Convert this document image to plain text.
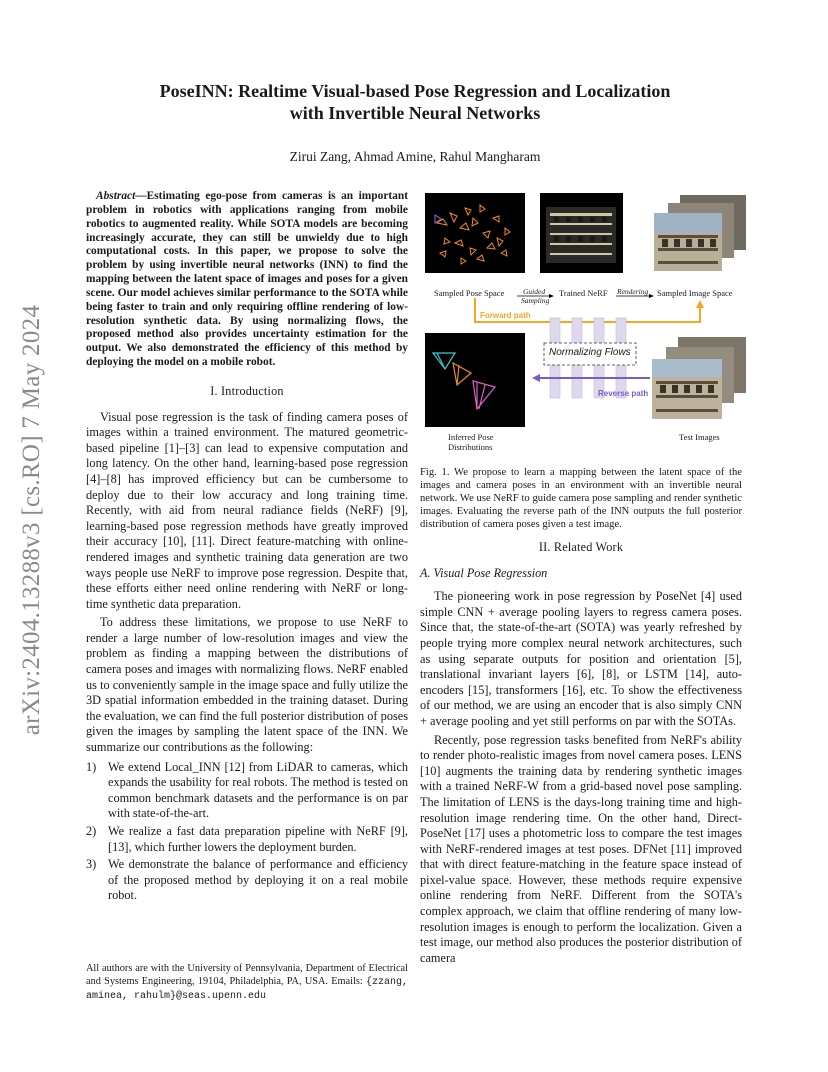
arXiv:2404.13288v3 [cs.RO] 7 May 2024
PoseINN: Realtime Visual-based Pose Regression and Localization
with Invertible Neural Networks
Zirui Zang, Ahmad Amine, Rahul Mangharam

Abstract—Estimating ego-pose from cameras is an important problem in robotics with applications ranging from mobile robotics to augmented reality. While SOTA models are becoming increasingly accurate, they can still be unwieldy due to high computational costs. In this paper, we propose to solve the problem by using invertible neural networks (INN) to find the mapping between the latent space of images and poses for a given scene. Our model achieves similar performance to the SOTA while being faster to train and only requiring offline rendering of low-resolution synthetic data. By using normalizing flows, the proposed method also provides uncertainty estimation for the output. We also demonstrated the efficiency of this method by deploying the model on a mobile robot.

I. Introduction

Visual pose regression is the task of finding camera poses of images within a trained environment. The matured geometric-based pipeline [1]–[3] can lead to expensive computation and long latency. On the other hand, learning-based pose regression [4]–[8] has improved efficiency but can be cumbersome to deploy due to their low accuracy and long training time. Recently, with aid from neural radiance fields (NeRF) [9], learning-based pose regression methods have greatly improved their accuracy [10], [11]. Direct feature-matching with online-rendered images and synthetic training data generation are two ways people use NeRF to improve pose regression. Despite that, these efforts either need online rendering with NeRF or long-time synthetic data preparation.

To address these limitations, we propose to use NeRF to render a large number of low-resolution images and view the problem as finding a mapping between the distributions of camera poses and images with normalizing flows. NeRF enabled us to conveniently sample in the image space and fully utilize the 3D spatial information embedded in the training dataset. During the evaluation, we can find the full posterior distribution of poses given the images by sampling the latent space of the INN. We summarize our contributions as the following:

1) We extend Local_INN [12] from LiDAR to cameras, which expands the usability for real robots. The method is tested on common benchmark datasets and the performance is on par with state-of-the-art.
2) We realize a fast data preparation pipeline with NeRF [9], [13], which further lowers the deployment burden.
3) We demonstrate the balance of performance and efficiency of the proposed method by deploying it on a real mobile robot.
All authors are with the University of Pennsylvania, Department of Electrical and Systems Engineering, 19104, Philadelphia, PA, USA. Emails: {zzang, aminea, rahulm}@seas.upenn.edu
Sampled Pose Space Guided
Sampling
Trained NeRF Rendering Sampled Image Space
Forward path
Normalizing Flows
Reverse path
Inferred Pose
Distributions
Test Images
Fig. 1. We propose to learn a mapping between the latent space of the images and camera poses in an environment with an invertible neural network. We use NeRF to guide camera pose sampling and render synthetic images. Evaluating the reverse path of the INN outputs the full posterior distribution of camera poses given a test image.
II. Related Work
A. Visual Pose Regression

The pioneering work in pose regression by PoseNet [4] used simple CNN + average pooling layers to regress camera poses. Since that, the state-of-the-art (SOTA) was yearly refreshed by people trying more complex neural network architectures, such as using separate outputs for position and orientation [5], translational invariant layers [6], [8], or LSTM [14], auto-encoders [15], transformers [16], etc. To show the effectiveness of our method, we are using an encoder that is also simply CNN + average pooling and yet still performs on par with the SOTAs.

Recently, pose regression tasks benefited from NeRF's ability to render photo-realistic images from novel camera poses. LENS [10] augments the training data by rendering synthetic images with a trained NeRF-W from a grid-based novel pose sampling. The limitation of LENS is the days-long training time and high-resolution image rendering time. On the other hand, Direct-PoseNet [17] uses a photometric loss to compare the test images with NeRF-rendered images at test poses. DFNet [11] improved that with direct feature-matching in the feature space instead of pixel-value space. However, these methods require expensive online rendering from NeRF. Different from the SOTA's complex approach, we claim that offline rendering of many low-resolution images is enough to perform the localization. Given a test image, our method also produces the posterior distribution of camera
